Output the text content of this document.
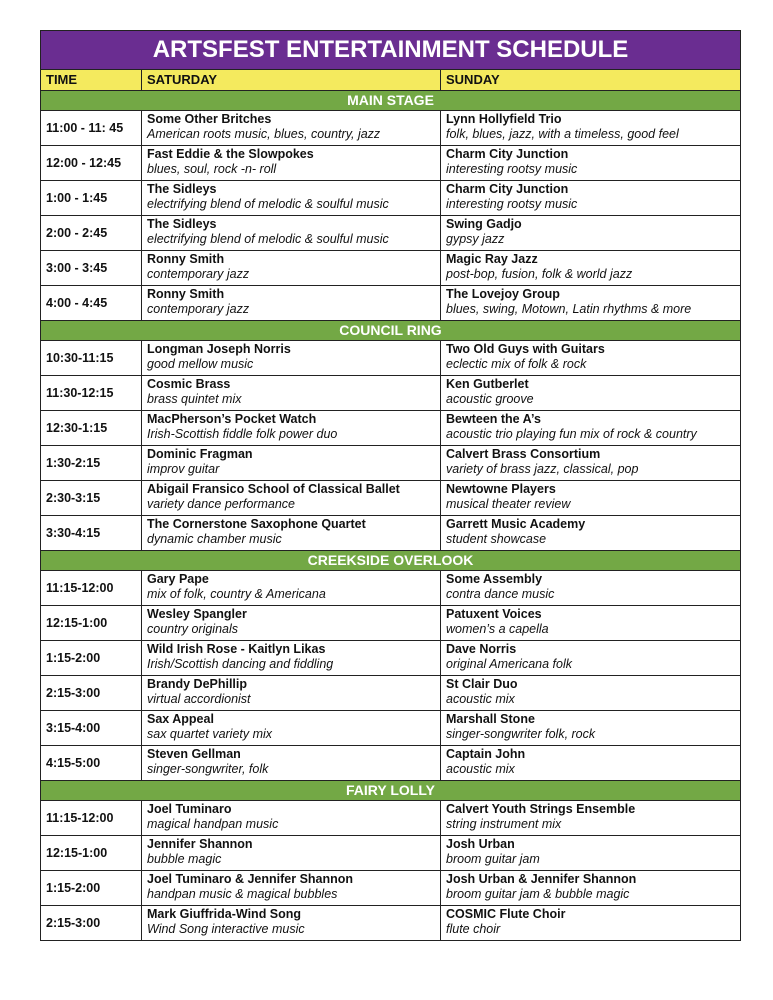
ARTSFEST ENTERTAINMENT SCHEDULE
TIME	SATURDAY	SUNDAY
MAIN STAGE
11:00 - 11: 45
Some Other Britches
American roots music, blues, country, jazz
Lynn Hollyfield Trio
folk, blues, jazz, with a timeless, good feel
12:00 - 12:45
Fast Eddie & the Slowpokes
blues, soul, rock -n- roll
Charm City Junction
interesting rootsy music
1:00 - 1:45
The Sidleys
electrifying blend of melodic & soulful music
Charm City Junction
interesting rootsy music
2:00 - 2:45
The Sidleys
electrifying blend of melodic & soulful music
Swing Gadjo
gypsy jazz
3:00 - 3:45
Ronny Smith
contemporary jazz
Magic Ray Jazz
post-bop, fusion, folk & world jazz
4:00 - 4:45
Ronny Smith
contemporary jazz
The Lovejoy Group
blues, swing, Motown, Latin rhythms & more
COUNCIL RING
10:30-11:15
Longman Joseph Norris
good mellow music
Two Old Guys with Guitars
eclectic mix of folk & rock
11:30-12:15
Cosmic Brass
brass quintet mix
Ken Gutberlet
acoustic groove
12:30-1:15
MacPherson’s Pocket Watch
Irish-Scottish fiddle folk power duo
Bewteen the A’s
acoustic trio playing fun mix of rock & country
1:30-2:15
Dominic Fragman
improv guitar
Calvert Brass Consortium
variety of brass jazz, classical, pop
2:30-3:15
Abigail Fransico School of Classical Ballet
variety dance performance
Newtowne Players
musical theater review
3:30-4:15
The Cornerstone Saxophone Quartet
dynamic chamber music
Garrett Music Academy
student showcase
CREEKSIDE OVERLOOK
11:15-12:00
Gary Pape
mix of folk, country & Americana
Some Assembly
contra dance music
12:15-1:00
Wesley Spangler
country originals
Patuxent Voices
women’s a capella
1:15-2:00
Wild Irish Rose - Kaitlyn Likas
Irish/Scottish dancing and fiddling
Dave Norris
original Americana folk
2:15-3:00
Brandy DePhillip
virtual accordionist
St Clair Duo
acoustic mix
3:15-4:00
Sax Appeal
sax quartet variety mix
Marshall Stone
singer-songwriter folk, rock
4:15-5:00
Steven Gellman
singer-songwriter, folk
Captain John
acoustic mix
FAIRY LOLLY
11:15-12:00
Joel Tuminaro
magical handpan music
Calvert Youth Strings Ensemble
string instrument mix
12:15-1:00
Jennifer Shannon
bubble magic
Josh Urban
broom guitar jam
1:15-2:00
Joel Tuminaro & Jennifer Shannon
handpan music & magical bubbles
Josh Urban & Jennifer Shannon
broom guitar jam & bubble magic
2:15-3:00
Mark Giuffrida-Wind Song
Wind Song interactive music
COSMIC Flute Choir
flute choir
